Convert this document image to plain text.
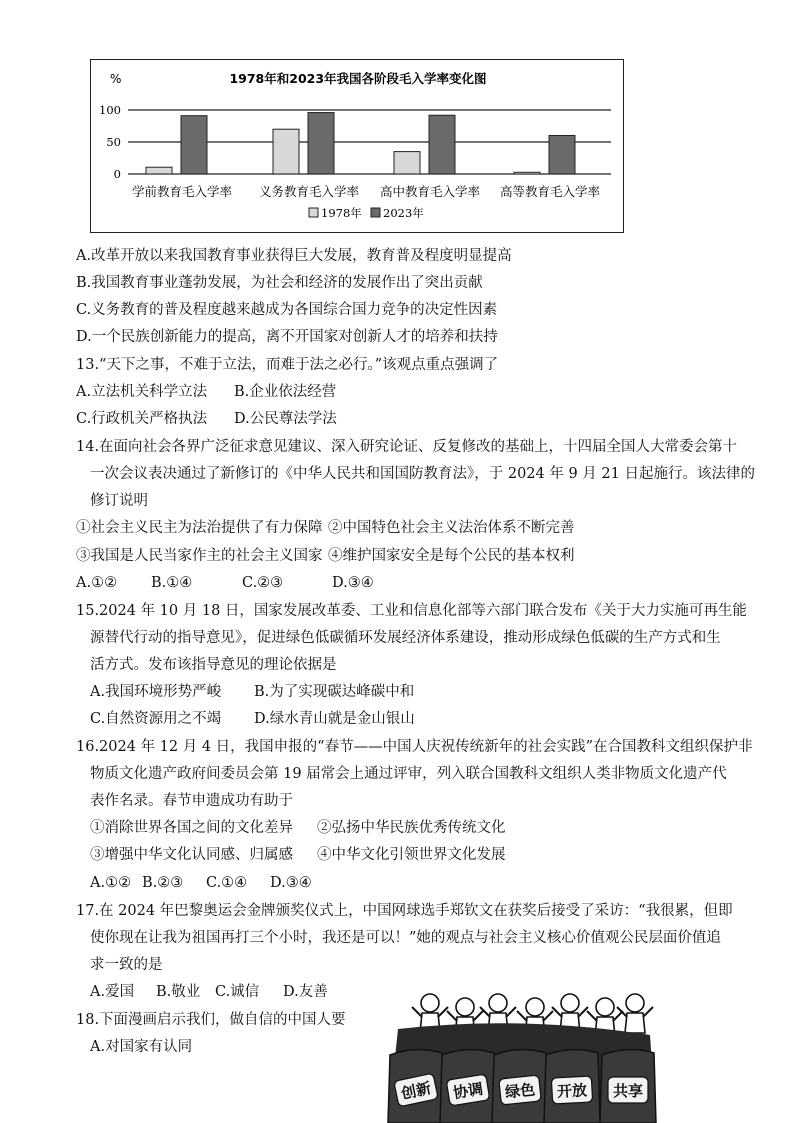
1978年和2023年我国各阶段毛入学率变化图
%
0
50
100
学前教育毛入学率 义务教育毛入学率 高中教育毛入学率 高等教育毛入学率
1978年 2023年
A.改革开放以来我国教育事业获得巨大发展，教育普及程度明显提高
B.我国教育事业蓬勃发展，为社会和经济的发展作出了突出贡献
C.义务教育的普及程度越来越成为各国综合国力竞争的决定性因素
D.一个民族创新能力的提高，离不开国家对创新人才的培养和扶持
13.“天下之事，不难于立法，而难于法之必行。”该观点重点强调了
A.立法机关科学立法 B.企业依法经营
C.行政机关严格执法 D.公民尊法学法
14.在面向社会各界广泛征求意见建议、深入研究论证、反复修改的基础上，十四届全国人大常委会第十
一次会议表决通过了新修订的《中华人民共和国国防教育法》，于 2024 年 9 月 21 日起施行。该法律的
修订说明
①社会主义民主为法治提供了有力保障 ②中国特色社会主义法治体系不断完善
③我国是人民当家作主的社会主义国家 ④维护国家安全是每个公民的基本权利
A.①② B.①④	C.②③	D.③④
15.2024 年 10 月 18 日，国家发展改革委、工业和信息化部等六部门联合发布《关于大力实施可再生能
源替代行动的指导意见》，促进绿色低碳循环发展经济体系建设，推动形成绿色低碳的生产方式和生
活方式。发布该指导意见的理论依据是
A.我国环境形势严峻 B.为了实现碳达峰碳中和
C.自然资源用之不竭 D.绿水青山就是金山银山
16.2024 年 12 月 4 日，我国申报的“春节——中国人庆祝传统新年的社会实践”在合国教科文组织保护非
物质文化遗产政府间委员会第 19 届常会上通过评审，列入联合国教科文组织人类非物质文化遗产代
表作名录。春节申遗成功有助于
①消除世界各国之间的文化差异 ②弘扬中华民族优秀传统文化
③增强中华文化认同感、归属感 ④中华文化引领世界文化发展
A.①② B.②③ C.①④ D.③④
17.在 2024 年巴黎奥运会金牌颁奖仪式上，中国网球选手郑钦文在获奖后接受了采访：“我很累，但即
使你现在让我为祖国再打三个小时，我还是可以！”她的观点与社会主义核心价值观公民层面价值追
求一致的是
A.爱国 B.敬业 C.诚信 D.友善
18.下面漫画启示我们，做自信的中国人要
A.对国家有认同
创新 协调 绿色 开放 共享
